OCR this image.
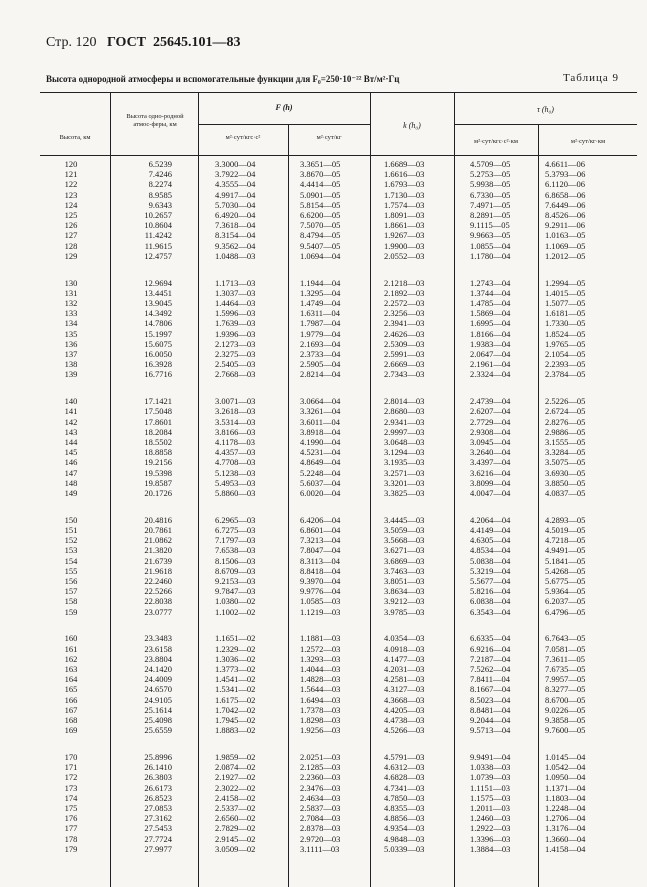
Стр. 120 ГОСТ 25645.101—83
Высота однородной атмосферы и вспомогательные функции для F₀=250·10⁻²² Вт/м²·Гц	Таблица 9
Высота, км
Высота одно-родной атмос-феры, км
F (h)
м²·сут/кгс·с²	м²·сут/кг
k (h₀)
τ (h₀)
м²·сут/кгс·с²·км	м²·сут/кг·км
120	6.5239	3.3000—04	3.3651—05	1.6689—03	4.5709—05	4.6611—06
121	7.4246	3.7922—04	3.8670—05	1.6616—03	5.2753—05	5.3793—06
122	8.2274	4.3555—04	4.4414—05	1.6793—03	5.9938—05	6.1120—06
123	8.9585	4.9917—04	5.0901—05	1.7130—03	6.7330—05	6.8658—06
124	9.6343	5.7030—04	5.8154—05	1.7574—03	7.4971—05	7.6449—06
125	10.2657	6.4920—04	6.6200—05	1.8091—03	8.2891—05	8.4526—06
126	10.8604	7.3618—04	7.5070—05	1.8661—03	9.1115—05	9.2911—06
127	11.4242	8.3154—04	8.4794—05	1.9267—03	9.9663—05	1.0163—05
128	11.9615	9.3562—04	9.5407—05	1.9900—03	1.0855—04	1.1069—05
129	12.4757	1.0488—03	1.0694—04	2.0552—03	1.1780—04	1.2012—05
130	12.9694	1.1713—03	1.1944—04	2.1218—03	1.2743—04	1.2994—05
131	13.4451	1.3037—03	1.3295—04	2.1892—03	1.3744—04	1.4015—05
132	13.9045	1.4464—03	1.4749—04	2.2572—03	1.4785—04	1.5077—05
133	14.3492	1.5996—03	1.6311—04	2.3256—03	1.5869—04	1.6181—05
134	14.7806	1.7639—03	1.7987—04	2.3941—03	1.6995—04	1.7330—05
135	15.1997	1.9396—03	1.9779—04	2.4626—03	1.8166—04	1.8524—05
136	15.6075	2.1273—03	2.1693—04	2.5309—03	1.9383—04	1.9765—05
137	16.0050	2.3275—03	2.3733—04	2.5991—03	2.0647—04	2.1054—05
138	16.3928	2.5405—03	2.5905—04	2.6669—03	2.1961—04	2.2393—05
139	16.7716	2.7668—03	2.8214—04	2.7343—03	2.3324—04	2.3784—05
140	17.1421	3.0071—03	3.0664—04	2.8014—03	2.4739—04	2.5226—05
141	17.5048	3.2618—03	3.3261—04	2.8680—03	2.6207—04	2.6724—05
142	17.8601	3.5314—03	3.6011—04	2.9341—03	2.7729—04	2.8276—05
143	18.2084	3.8166—03	3.8918—04	2.9997—03	2.9308—04	2.9886—05
144	18.5502	4.1178—03	4.1990—04	3.0648—03	3.0945—04	3.1555—05
145	18.8858	4.4357—03	4.5231—04	3.1294—03	3.2640—04	3.3284—05
146	19.2156	4.7708—03	4.8649—04	3.1935—03	3.4397—04	3.5075—05
147	19.5398	5.1238—03	5.2248—04	3.2571—03	3.6216—04	3.6930—05
148	19.8587	5.4953—03	5.6037—04	3.3201—03	3.8099—04	3.8850—05
149	20.1726	5.8860—03	6.0020—04	3.3825—03	4.0047—04	4.0837—05
150	20.4816	6.2965—03	6.4206—04	3.4445—03	4.2064—04	4.2893—05
151	20.7861	6.7275—03	6.8601—04	3.5059—03	4.4149—04	4.5019—05
152	21.0862	7.1797—03	7.3213—04	3.5668—03	4.6305—04	4.7218—05
153	21.3820	7.6538—03	7.8047—04	3.6271—03	4.8534—04	4.9491—05
154	21.6739	8.1506—03	8.3113—04	3.6869—03	5.0838—04	5.1841—05
155	21.9618	8.6709—03	8.8418—04	3.7463—03	5.3219—04	5.4268—05
156	22.2460	9.2153—03	9.3970—04	3.8051—03	5.5677—04	5.6775—05
157	22.5266	9.7847—03	9.9776—04	3.8634—03	5.8216—04	5.9364—05
158	22.8038	1.0380—02	1.0585—03	3.9212—03	6.0838—04	6.2037—05
159	23.0777	1.1002—02	1.1219—03	3.9785—03	6.3543—04	6.4796—05
160	23.3483	1.1651—02	1.1881—03	4.0354—03	6.6335—04	6.7643—05
161	23.6158	1.2329—02	1.2572—03	4.0918—03	6.9216—04	7.0581—05
162	23.8804	1.3036—02	1.3293—03	4.1477—03	7.2187—04	7.3611—05
163	24.1420	1.3773—02	1.4044—03	4.2031—03	7.5262—04	7.6735—05
164	24.4009	1.4541—02	1.4828—03	4.2581—03	7.8411—04	7.9957—05
165	24.6570	1.5341—02	1.5644—03	4.3127—03	8.1667—04	8.3277—05
166	24.9105	1.6175—02	1.6494—03	4.3668—03	8.5023—04	8.6700—05
167	25.1614	1.7042—02	1.7378—03	4.4205—03	8.8481—04	9.0226—05
168	25.4098	1.7945—02	1.8298—03	4.4738—03	9.2044—04	9.3858—05
169	25.6559	1.8883—02	1.9256—03	4.5266—03	9.5713—04	9.7600—05
170	25.8996	1.9859—02	2.0251—03	4.5791—03	9.9491—04	1.0145—04
171	26.1410	2.0874—02	2.1285—03	4.6312—03	1.0338—03	1.0542—04
172	26.3803	2.1927—02	2.2360—03	4.6828—03	1.0739—03	1.0950—04
173	26.6173	2.3022—02	2.3476—03	4.7341—03	1.1151—03	1.1371—04
174	26.8523	2.4158—02	2.4634—03	4.7850—03	1.1575—03	1.1803—04
175	27.0853	2.5337—02	2.5837—03	4.8355—03	1.2011—03	1.2248—04
176	27.3162	2.6560—02	2.7084—03	4.8856—03	1.2460—03	1.2706—04
177	27.5453	2.7829—02	2.8378—03	4.9354—03	1.2922—03	1.3176—04
178	27.7724	2.9145—02	2.9720—03	4.9848—03	1.3396—03	1.3660—04
179	27.9977	3.0509—02	3.1111—03	5.0339—03	1.3884—03	1.4158—04
